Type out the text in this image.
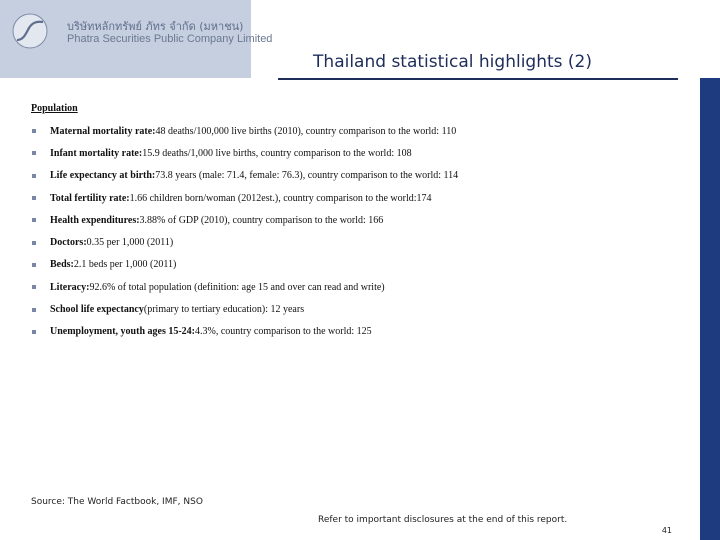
บริษัทหลักทรัพย์ ภัทร จำกัด (มหาชน)
Phatra Securities Public Company Limited
Thailand statistical highlights (2)
Population
Maternal mortality rate: 48 deaths/100,000 live births (2010), country comparison to the world: 110
Infant mortality rate: 15.9 deaths/1,000 live births, country comparison to the world: 108
Life expectancy at birth: 73.8 years (male: 71.4, female: 76.3), country comparison to the world: 114
Total fertility rate: 1.66 children born/woman (2012est.), country comparison to the world:174
Health expenditures: 3.88% of GDP (2010), country comparison to the world: 166
Doctors: 0.35 per 1,000 (2011)
Beds: 2.1 beds per 1,000 (2011)
Literacy: 92.6% of total population (definition: age 15 and over can read and write)
School life expectancy (primary to tertiary education): 12 years
Unemployment, youth ages 15-24: 4.3%, country comparison to the world: 125
Source: The World Factbook, IMF, NSO
Refer to important disclosures at the end of this report.
41
